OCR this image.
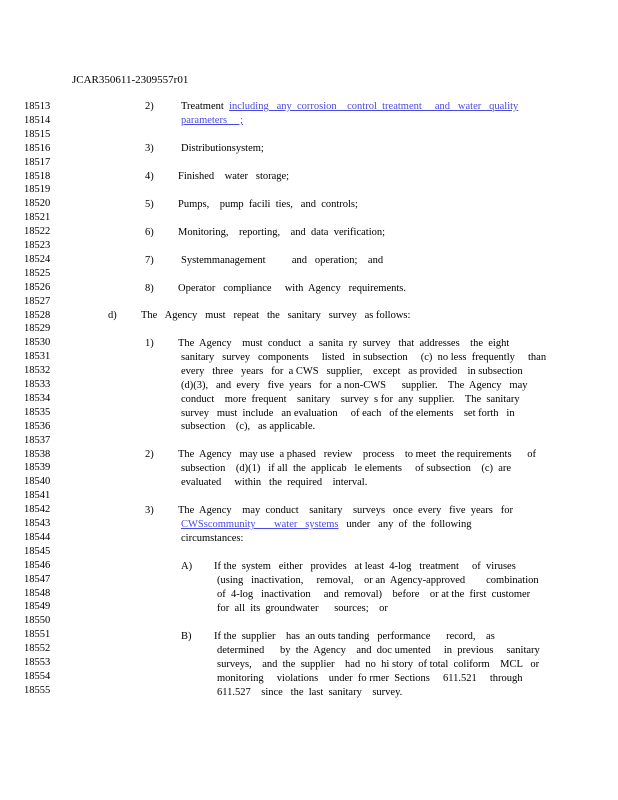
JCAR350611-2309557r01
18513
18514
18515
18516
18517
18518
18519
18520
18521
18522
18523
18524
18525
18526
18527
18528
18529
18530
18531
18532
18533
18534
18535
18536
18537
18538
18539
18540
18541
18542
18543
18544
18545
18546
18547
18548
18549
18550
18551
18552
18553
18554
18555
2)	Treatment including   any  corrosion    control  treatment     and   water   quality
parameters     ;
3)	Distributionsystem;
4) Finished    water   storage;
5) Pumps,    pump  facili  ties,   and  controls;
6) Monitoring,    reporting,    and  data  verification;
7)	Systemmanagement          and   operation;    and
8) Operator   compliance     with  Agency   requirements.
d) The   Agency   must   repeat   the   sanitary   survey   as follows:
1) The  Agency    must  conduct   a  sanita  ry  survey   that  addresses    the  eight
sanitary   survey   components     listed   in subsection     (c)  no less  frequently     than
every   three   years   for  a CWS   supplier,    except   as provided    in subsection
(d)(3),   and  every   five  years   for  a non-CWS      supplier.    The  Agency   may
conduct    more  frequent    sanitary    survey  s for  any  supplier.    The  sanitary
survey   must  include   an evaluation     of each   of the elements    set forth   in
subsection    (c),   as applicable.
2) The  Agency   may use  a phased   review    process    to meet  the requirements      of
subsection    (d)(1)   if all  the  applicab   le elements     of subsection    (c)  are
evaluated     within   the  required    interval.
3) The  Agency    may  conduct    sanitary    surveys   once  every   five  years   for
CWSscommunity       water   systems   under   any  of  the  following
circumstances:
A) If the  system   either   provides   at least  4-log   treatment     of  viruses
(using   inactivation,     removal,    or an  Agency-approved        combination
of  4-log   inactivation     and  removal)    before    or at the  first  customer
for  all  its  groundwater      sources;    or
B) If the  supplier    has  an outs tanding   performance      record,    as
determined      by  the  Agency    and  doc umented     in  previous     sanitary
surveys,    and  the  supplier    had  no  hi story  of total  coliform    MCL   or
monitoring     violations    under  fo rmer  Sections     611.521     through
611.527    since   the  last  sanitary    survey.
